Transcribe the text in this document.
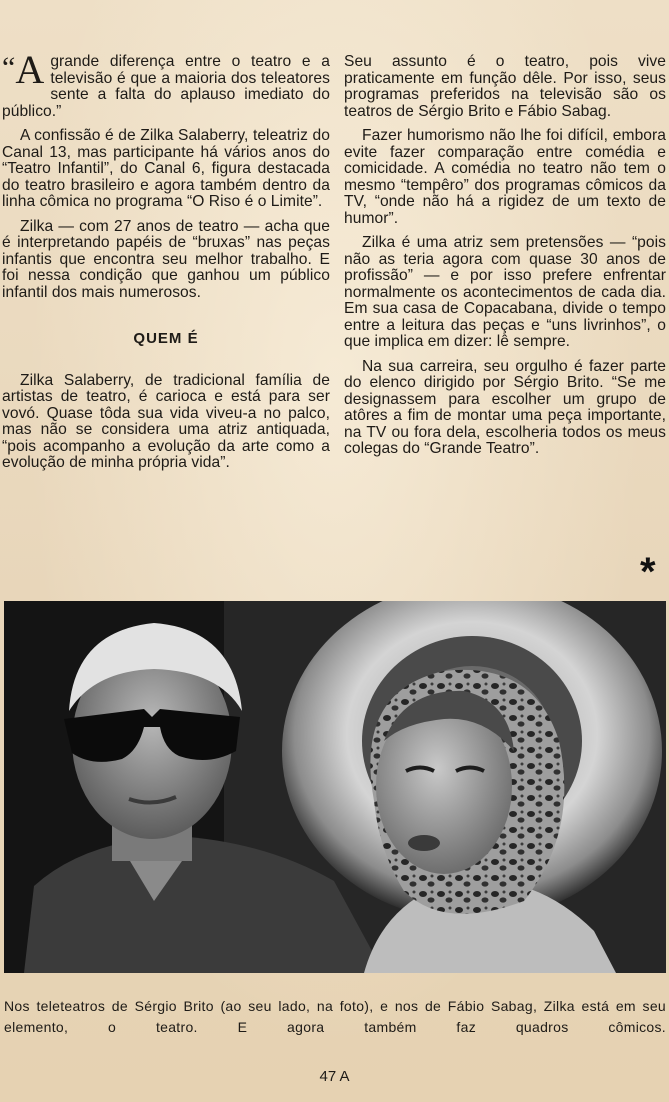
“A grande diferença entre o teatro e a televisão é que a maioria dos teleatores sente a falta do aplauso imediato do público.”

A confissão é de Zilka Salaberry, teleatriz do Canal 13, mas participante há vários anos do “Teatro Infantil”, do Canal 6, figura destacada do teatro brasileiro e agora também dentro da linha cômica no programa “O Riso é o Limite”.

Zilka — com 27 anos de teatro — acha que é interpretando papéis de “bruxas” nas peças infantis que encontra seu melhor trabalho. E foi nessa condição que ganhou um público infantil dos mais numerosos.

QUEM É

Zilka Salaberry, de tradicional família de artistas de teatro, é carioca e está para ser vovó. Quase tôda sua vida viveu-a no palco, mas não se considera uma atriz antiquada, “pois acompanho a evolução da arte como a evolução de minha própria vida”.

Seu assunto é o teatro, pois vive praticamente em função dêle. Por isso, seus programas preferidos na televisão são os teatros de Sérgio Brito e Fábio Sabag.

Fazer humorismo não lhe foi difícil, embora evite fazer comparação entre comédia e comicidade. A comédia no teatro não tem o mesmo “tempêro” dos programas cômicos da TV, “onde não há a rigidez de um texto de humor”.

Zilka é uma atriz sem pretensões — “pois não as teria agora com quase 30 anos de profissão” — e por isso prefere enfrentar normalmente os acontecimentos de cada dia. Em sua casa de Copacabana, divide o tempo entre a leitura das peças e “uns livrinhos”, o que implica em dizer: lê sempre.

Na sua carreira, seu orgulho é fazer parte do elenco dirigido por Sérgio Brito. “Se me designassem para escolher um grupo de atôres a fim de montar uma peça importante, na TV ou fora dela, escolheria todos os meus colegas do “Grande Teatro”.

*
Nos teleteatros de Sérgio Brito (ao seu lado, na foto), e nos de Fábio Sabag, Zilka está em seu elemento, o teatro. E agora também faz quadros cômicos.
47 A
